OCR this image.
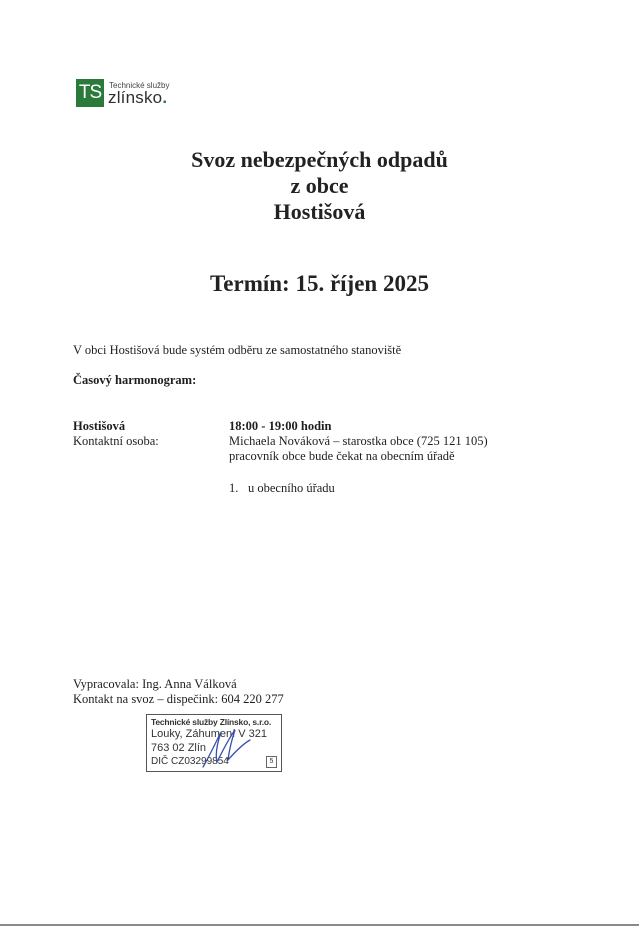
TS Technické služby
zlínsko.
Svoz nebezpečných odpadů
z obce
Hostišová
Termín: 15. říjen 2025
V obci Hostišová bude systém odběru ze samostatného stanoviště
Časový harmonogram:
Hostišová
Kontaktní osoba:
18:00 - 19:00 hodin
Michaela Nováková – starostka obce (725 121 105)
pracovník obce bude čekat na obecním úřadě
1. u obecního úřadu
Vypracovala: Ing. Anna Válková
Kontakt na svoz – dispečink: 604 220 277
Technické služby Zlínsko, s.r.o.
Louky, Záhumení V 321
763 02 Zlín
DIČ CZ03299854	5
